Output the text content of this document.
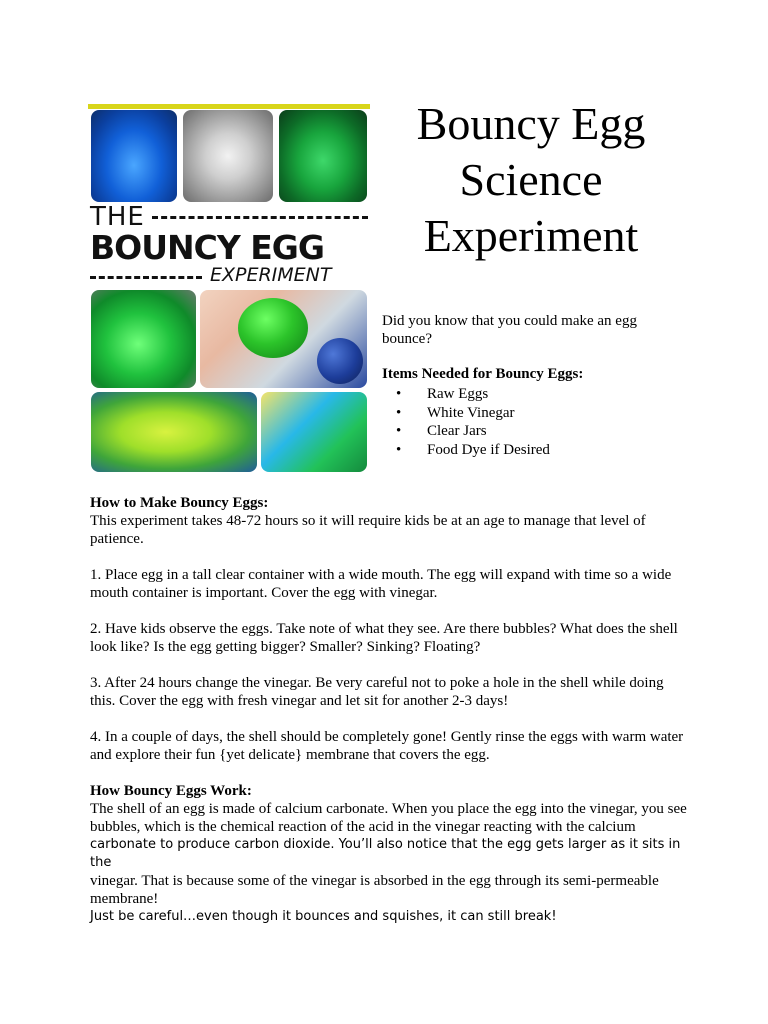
THE
BOUNCY EGG
EXPERIMENT
Bouncy Egg
Science
Experiment
Did you know that you could make an egg bounce?
Items Needed for Bouncy Eggs:
• Raw Eggs
• White Vinegar
• Clear Jars
• Food Dye if Desired

How to Make Bouncy Eggs:

This experiment takes 48-72 hours so it will require kids be at an age to manage that level of patience.

1. Place egg in a tall clear container with a wide mouth. The egg will expand with time so a wide mouth container is important. Cover the egg with vinegar.

2. Have kids observe the eggs. Take note of what they see. Are there bubbles? What does the shell look like? Is the egg getting bigger? Smaller? Sinking? Floating?

3. After 24 hours change the vinegar. Be very careful not to poke a hole in the shell while doing this. Cover the egg with fresh vinegar and let sit for another 2-3 days!

4. In a couple of days, the shell should be completely gone! Gently rinse the eggs with warm water and explore their fun {yet delicate} membrane that covers the egg.

How Bouncy Eggs Work:

The shell of an egg is made of calcium carbonate. When you place the egg into the vinegar, you see bubbles, which is the chemical reaction of the acid in the vinegar reacting with the calcium

carbonate to produce carbon dioxide. You’ll also notice that the egg gets larger as it sits in the

vinegar. That is because some of the vinegar is absorbed in the egg through its semi-permeable membrane!

Just be careful…even though it bounces and squishes, it can still break!
